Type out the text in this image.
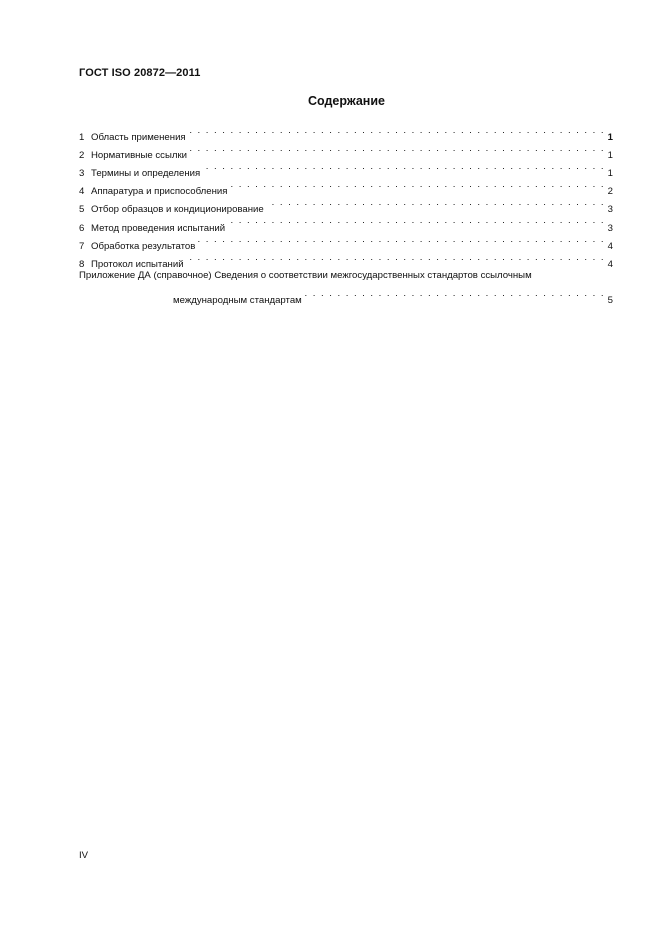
ГОСТ ISO 20872—2011
Содержание
1 Область применения . . .	1
2 Нормативные ссылки . . .	1
3 Термины и определения . . .	1
4 Аппаратура и приспособления . . .	2
5 Отбор образцов и кондиционирование . . .	3
6 Метод проведения испытаний . . .	3
7 Обработка результатов . . .	4
8 Протокол испытаний . . .	4
Приложение ДА (справочное) Сведения о соответствии межгосударственных стандартов ссылочным
международным стандартам . . .	5
IV
